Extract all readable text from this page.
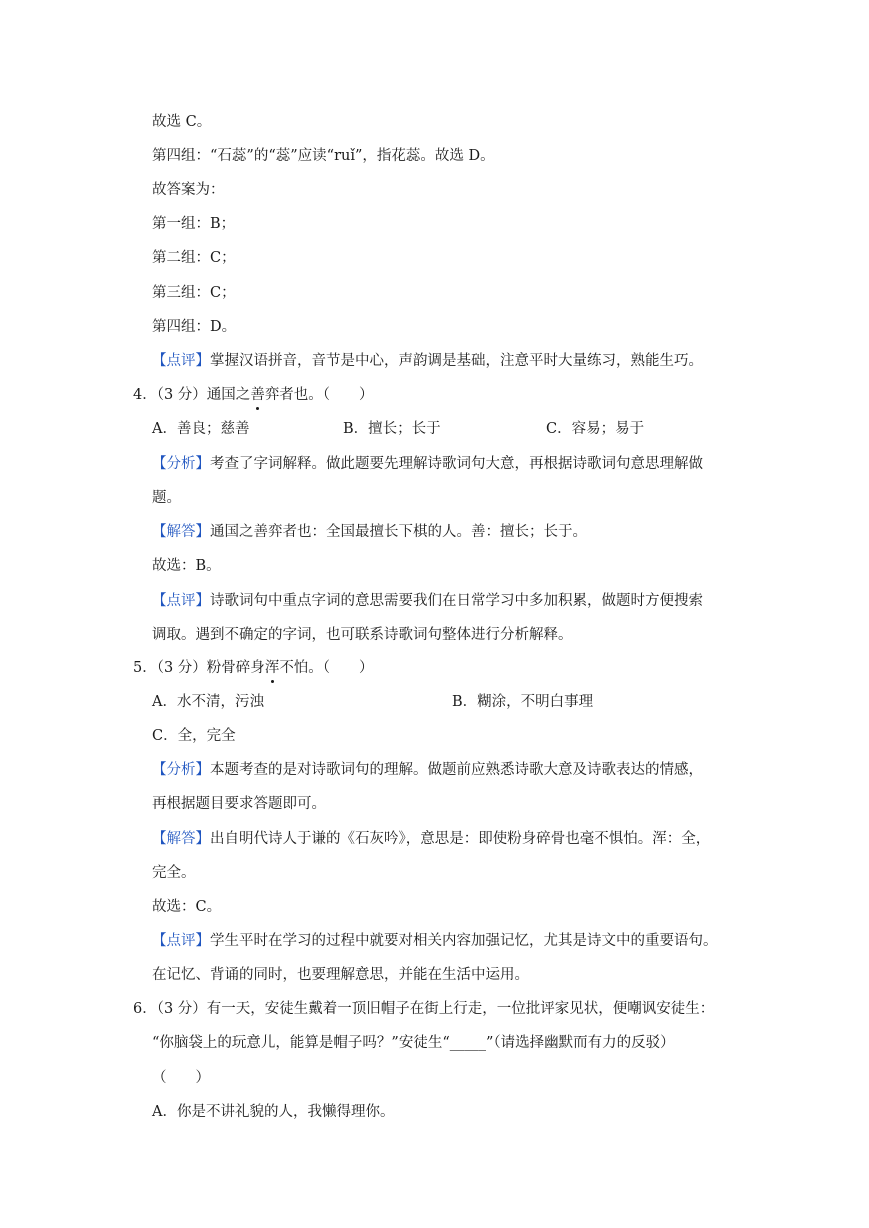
故选 C。
第四组：“石蕊”的“蕊”应读“ruǐ”，指花蕊。故选 D。
故答案为：
第一组：B；
第二组：C；
第三组：C；
第四组：D。
【点评】掌握汉语拼音，音节是中心，声韵调是基础，注意平时大量练习，熟能生巧。
4．（3 分）通国之善弈者也。（　　）
A．善良；慈善	B．擅长；长于	C．容易；易于
【分析】考查了字词解释。做此题要先理解诗歌词句大意，再根据诗歌词句意思理解做
题。
【解答】通国之善弈者也：全国最擅长下棋的人。善：擅长；长于。
故选：B。
【点评】诗歌词句中重点字词的意思需要我们在日常学习中多加积累，做题时方便搜索
调取。遇到不确定的字词，也可联系诗歌词句整体进行分析解释。
5．（3 分）粉骨碎身浑不怕。（　　）
A．水不清，污浊	B．糊涂，不明白事理
C．全，完全
【分析】本题考查的是对诗歌词句的理解。做题前应熟悉诗歌大意及诗歌表达的情感，
再根据题目要求答题即可。
【解答】出自明代诗人于谦的《石灰吟》，意思是：即使粉身碎骨也毫不惧怕。浑：全，
完全。
故选：C。
【点评】学生平时在学习的过程中就要对相关内容加强记忆，尤其是诗文中的重要语句。
在记忆、背诵的同时，也要理解意思，并能在生活中运用。
6．（3 分）有一天，安徒生戴着一顶旧帽子在街上行走，一位批评家见状，便嘲讽安徒生：
“你脑袋上的玩意儿，能算是帽子吗？”安徒生“_____”（请选择幽默而有力的反驳）
（　　）
A．你是不讲礼貌的人，我懒得理你。
